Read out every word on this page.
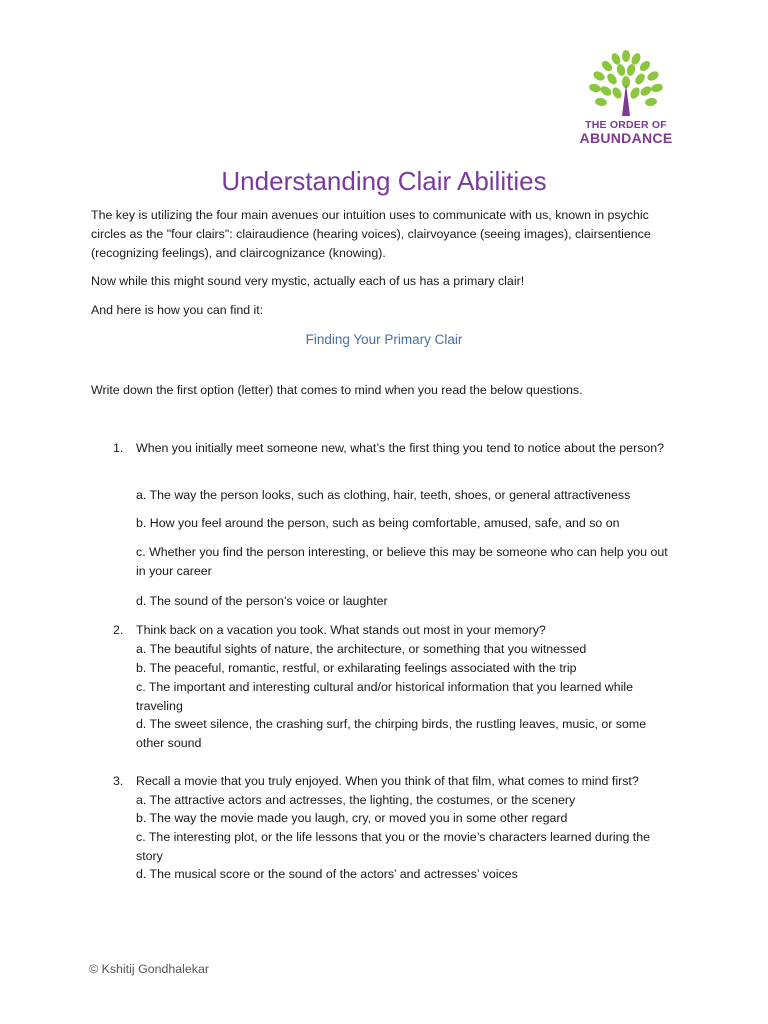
THE ORDER OF
ABUNDANCE
Understanding Clair Abilities

The key is utilizing the four main avenues our intuition uses to communicate with us, known in psychic circles as the "four clairs": clairaudience (hearing voices), clairvoyance (seeing images), clairsentience (recognizing feelings), and claircognizance (knowing).

Now while this might sound very mystic, actually each of us has a primary clair!

And here is how you can find it:

Finding Your Primary Clair

Write down the first option (letter) that comes to mind when you read the below questions.

1. When you initially meet someone new, what’s the first thing you tend to notice about the person?

a. The way the person looks, such as clothing, hair, teeth, shoes, or general attractiveness

b. How you feel around the person, such as being comfortable, amused, safe, and so on

c. Whether you find the person interesting, or believe this may be someone who can help you out in your career

d. The sound of the person’s voice or laughter

2. Think back on a vacation you took. What stands out most in your memory?

a. The beautiful sights of nature, the architecture, or something that you witnessed

b. The peaceful, romantic, restful, or exhilarating feelings associated with the trip

c. The important and interesting cultural and/or historical information that you learned while traveling

d. The sweet silence, the crashing surf, the chirping birds, the rustling leaves, music, or some other sound

3. Recall a movie that you truly enjoyed. When you think of that film, what comes to mind first?

a. The attractive actors and actresses, the lighting, the costumes, or the scenery

b. The way the movie made you laugh, cry, or moved you in some other regard

c. The interesting plot, or the life lessons that you or the movie’s characters learned during the story

d. The musical score or the sound of the actors’ and actresses’ voices

© Kshitij Gondhalekar
